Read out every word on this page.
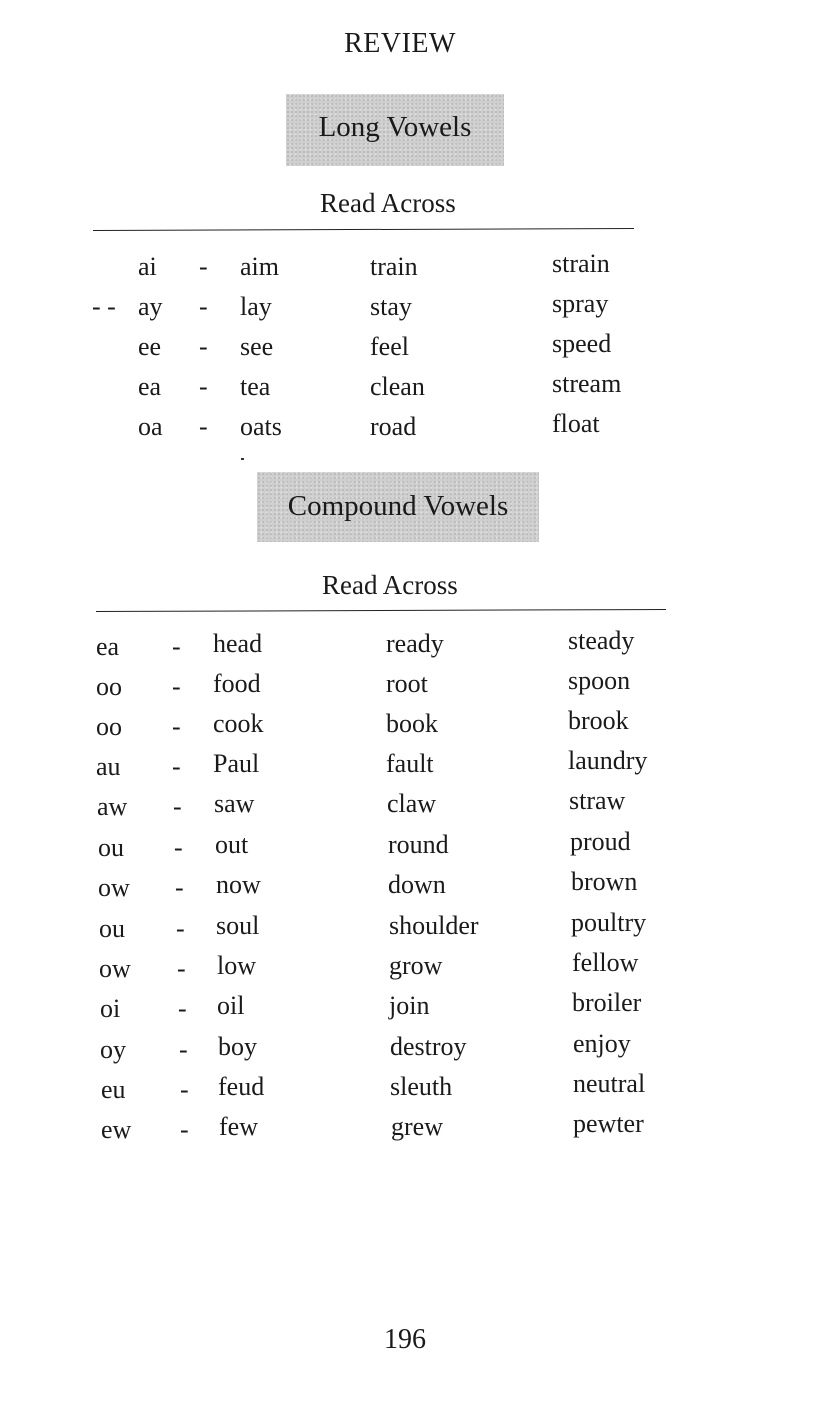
REVIEW
Long Vowels
Read Across
ai - aim	train	strain
- - ay - lay	stay	spray
ee - see	feel	speed
ea - tea	clean	stream
oa - oats	road	float
Compound Vowels
Read Across
ea - head	ready	steady
oo - food	root	spoon
oo - cook	book	brook
au - Paul	fault	laundry
aw - saw	claw	straw
ou - out	round	proud
ow - now	down	brown
ou - soul	shoulder	poultry
ow - low	grow	fellow
oi - oil	join	broiler
oy - boy	destroy	enjoy
eu - feud	sleuth	neutral
ew - few	grew	pewter
196
